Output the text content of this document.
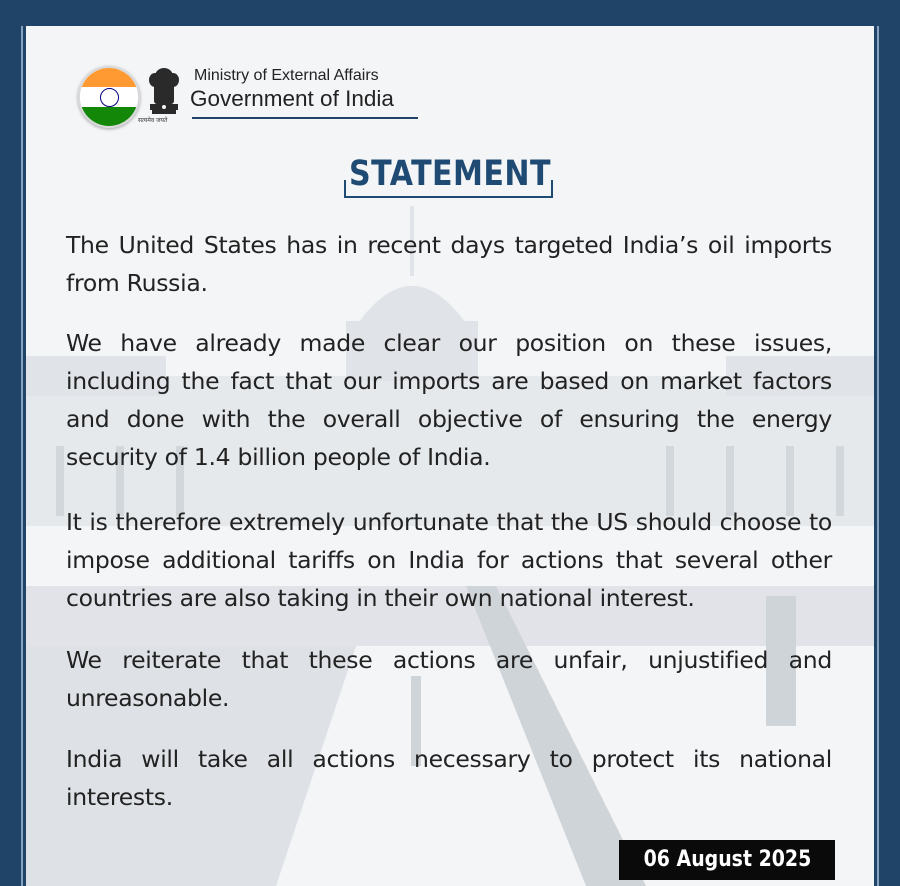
सत्यमेव जयते
Ministry of External Affairs
Government of India
STATEMENT

The United States has in recent days targeted India’s oil imports from Russia.

We have already made clear our position on these issues, including the fact that our imports are based on market factors and done with the overall objective of ensuring the energy security of 1.4 billion people of India.

It is therefore extremely unfortunate that the US should choose to impose additional tariffs on India for actions that several other countries are also taking in their own national interest.

We reiterate that these actions are unfair, unjustified and unreasonable.

India will take all actions necessary to protect its national interests.

06 August 2025
